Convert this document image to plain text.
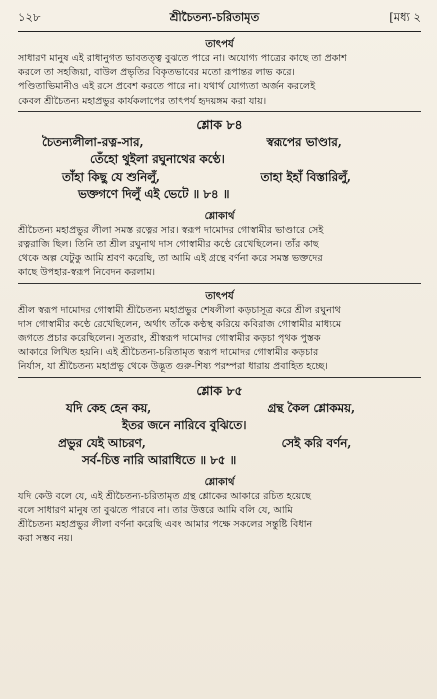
১২৮	শ্রীচৈতন্য-চরিতামৃত	[মধ্য ২
তাৎপর্য
সাধারণ মানুষ এই রাধানুগত ভাবতত্ত্ব বুঝতে পারে না। অযোগ্য পাত্রের কাছে তা প্রকাশ
করলে তা সহজিয়া, বাউল প্রভৃতির বিকৃতভাবের মতো রূপান্তর লাভ করে।
পণ্ডিতাভিমানীও এই রসে প্রবেশ করতে পারে না। যথার্থ যোগ্যতা অর্জন করলেই
কেবল শ্রীচৈতন্য মহাপ্রভুর কার্যকলাপের তাৎপর্য হৃদয়ঙ্গম করা যায়।
শ্লোক ৮৪
চৈতন্যলীলা-রত্ন-সার,	স্বরূপের ভাণ্ডার,
তেঁহো থুইলা রঘুনাথের কণ্ঠে।
তাঁহা কিছু যে শুনিলুঁ,	তাহা ইহাঁ বিস্তারিলুঁ,
ভক্তগণে দিলুঁ এই ভেটে ॥ ৮৪ ॥
শ্লোকার্থ
শ্রীচৈতন্য মহাপ্রভুর লীলা সমস্ত রত্নের সার। স্বরূপ দামোদর গোস্বামীর ভাণ্ডারে সেই
রত্নরাজি ছিল। তিনি তা শ্রীল রঘুনাথ দাস গোস্বামীর কণ্ঠে রেখেছিলেন। তাঁর কাছ
থেকে অল্প যেটুকু আমি শ্রবণ করেছি, তা আমি এই গ্রন্থে বর্ণনা করে সমস্ত ভক্তদের
কাছে উপহার-স্বরূপ নিবেদন করলাম।
তাৎপর্য
শ্রীল স্বরূপ দামোদর গোস্বামী শ্রীচৈতন্য মহাপ্রভুর শেষলীলা কড়চাসূত্র করে শ্রীল রঘুনাথ
দাস গোস্বামীর কণ্ঠে রেখেছিলেন, অর্থাৎ তাঁকে কণ্ঠস্থ করিয়ে কবিরাজ গোস্বামীর মাধ্যমে
জগতে প্রচার করেছিলেন। সুতরাং, শ্রীস্বরূপ দামোদর গোস্বামীর কড়চা পৃথক পুস্তক
আকারে লিখিত হয়নি। এই শ্রীচৈতন্য-চরিতামৃত স্বরূপ দামোদর গোস্বামীর কড়চার
নির্যাস, যা শ্রীচৈতন্য মহাপ্রভু থেকে উদ্ভূত গুরু-শিষ্য পরম্পরা ধারায় প্রবাহিত হচ্ছে।
শ্লোক ৮৫
যদি কেহ হেন কয়,	গ্রন্থ কৈল শ্লোকময়,
ইতর জনে নারিবে বুঝিতে।
প্রভুর যেই আচরণ,	সেই করি বর্ণন,
সর্ব-চিত্ত নারি আরাধিতে ॥ ৮৫ ॥
শ্লোকার্থ
যদি কেউ বলে যে, এই শ্রীচৈতন্য-চরিতামৃত গ্রন্থ শ্লোকের আকারে রচিত হয়েছে
বলে সাধারণ মানুষ তা বুঝতে পারবে না। তার উত্তরে আমি বলি যে, আমি
শ্রীচৈতন্য মহাপ্রভুর লীলা বর্ণনা করেছি এবং আমার পক্ষে সকলের সন্তুষ্টি বিধান
করা সম্ভব নয়।
